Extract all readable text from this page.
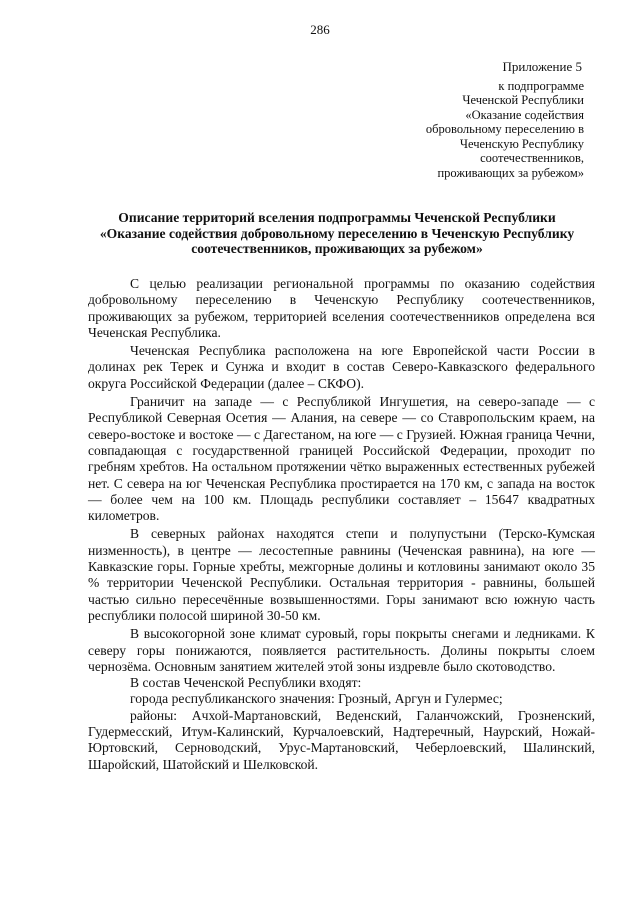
286
Приложение 5
к подпрограмме
Чеченской Республики
«Оказание содействия
обровольному переселению в
Чеченскую Республику
соотечественников,
проживающих за рубежом»
Описание территорий вселения подпрограммы Чеченской Республики «Оказание содействия добровольному переселению в Чеченскую Республику соотечественников, проживающих за рубежом»

С целью реализации региональной программы по оказанию содействия добровольному переселению в Чеченскую Республику соотечественников, проживающих за рубежом, территорией вселения соотечественников определена вся Чеченская Республика.

Чеченская Республика расположена на юге Европейской части России в долинах рек Терек и Сунжа и входит в состав Северо-Кавказского федерального округа Российской Федерации (далее – СКФО).

Граничит на западе — с Республикой Ингушетия, на северо-западе — с Республикой Северная Осетия — Алания, на севере — со Ставропольским краем, на северо-востоке и востоке — с Дагестаном, на юге — с Грузией. Южная граница Чечни, совпадающая с государственной границей Российской Федерации, проходит по гребням хребтов. На остальном протяжении чётко выраженных естественных рубежей нет. С севера на юг Чеченская Республика простирается на 170 км, с запада на восток — более чем на 100 км. Площадь республики составляет – 15647 квадратных километров.

В северных районах находятся степи и полупустыни (Терско-Кумская низменность), в центре — лесостепные равнины (Чеченская равнина), на юге — Кавказские горы. Горные хребты, межгорные долины и котловины занимают около 35 % территории Чеченской Республики. Остальная территория - равнины, большей частью сильно пересечённые возвышенностями. Горы занимают всю южную часть республики полосой шириной 30-50 км.

В высокогорной зоне климат суровый, горы покрыты снегами и ледниками. К северу горы понижаются, появляется растительность. Долины покрыты слоем чернозёма. Основным занятием жителей этой зоны издревле было скотоводство.

В состав Чеченской Республики входят:

города республиканского значения: Грозный, Аргун и Гулермес;

районы: Ачхой-Мартановский, Веденский, Галанчожский, Грозненский, Гудермесский, Итум-Калинский, Курчалоевский, Надтеречный, Наурский, Ножай-Юртовский, Серноводский, Урус-Мартановский, Чеберлоевский, Шалинский, Шаройский, Шатойский и Шелковской.
